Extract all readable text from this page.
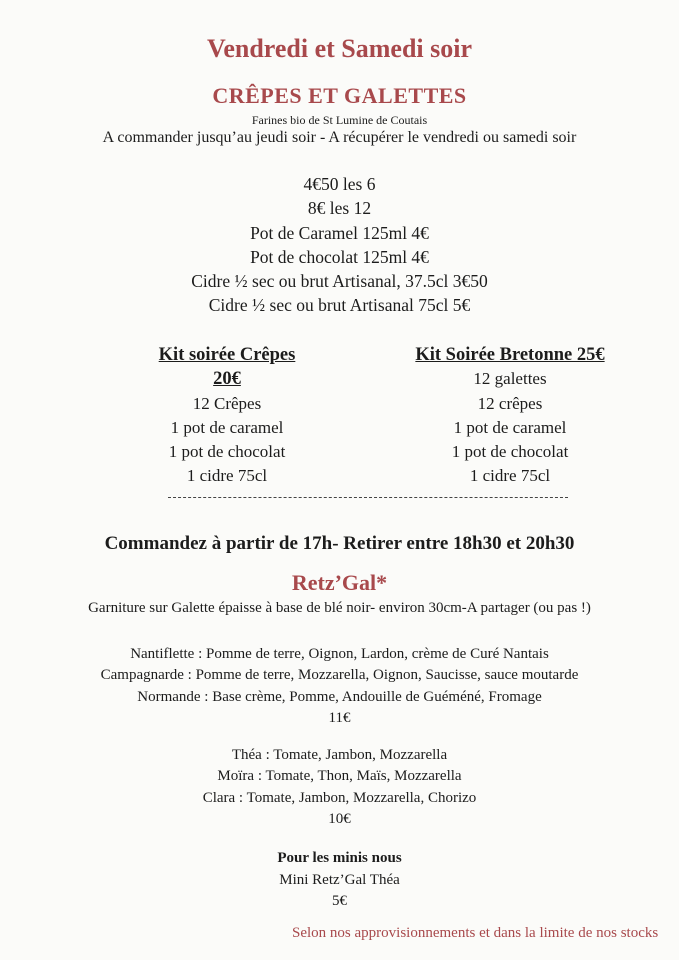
Vendredi et Samedi soir
CRÊPES ET GALETTES
Farines bio de St Lumine de Coutais
A commander jusqu’au jeudi soir - A récupérer le vendredi ou samedi soir
4€50 les 6
8€ les 12
Pot de Caramel 125ml 4€
Pot de chocolat 125ml 4€
Cidre ½ sec ou brut Artisanal, 37.5cl 3€50
Cidre ½ sec ou brut Artisanal 75cl 5€
Kit soirée Crêpes
20€
12 Crêpes
1 pot de caramel
1 pot de chocolat
1 cidre 75cl
Kit Soirée Bretonne 25€
12 galettes
12 crêpes
1 pot de caramel
1 pot de chocolat
1 cidre 75cl
Commandez à partir de 17h- Retirer entre 18h30 et 20h30
Retz’Gal*
Garniture sur Galette épaisse à base de blé noir- environ 30cm-A partager (ou pas !)
Nantiflette : Pomme de terre, Oignon, Lardon, crème de Curé Nantais
Campagnarde : Pomme de terre, Mozzarella, Oignon, Saucisse, sauce moutarde
Normande : Base crème, Pomme, Andouille de Guéméné, Fromage
11€
Théa : Tomate, Jambon, Mozzarella
Moïra : Tomate, Thon, Maïs, Mozzarella
Clara : Tomate, Jambon, Mozzarella, Chorizo
10€
Pour les minis nous
Mini Retz’Gal Théa
5€
Selon nos approvisionnements et dans la limite de nos stocks
